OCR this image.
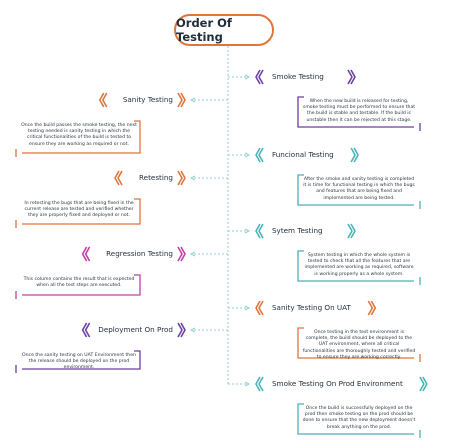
Order Of Testing
Smoke Testing
When the new build is released for testing, smoke testing must be performed to ensure that the build is stable and testable. If the build is unstable then it can be rejected at this stage.
Sanity Testing
Once the build passes the smoke testing, the next testing needed is sanity testing in which the critical functionalities of the build is tested to ensure they are working as required or not.
Funcional Testing
After the smoke and sanity testing is completed it is time for functional testing in which the bugs and features that are being fixed and implemented are being tested.
Retesting
In retesting the bugs that are being fixed in the current release are tested and verified whether they are properly fixed and deployed or not.
Sytem Testing
System testing in which the whole system is tested to check that all the features that are implemented are working as required, software is working properly as a whole system.
Regression Testing
This column contains the result that is expected when all the test steps are executed.
Sanity Testing On UAT
Once testing in the test environment is complete, the build should be deployed to the UAT environment, where all critical functionalities are thoroughly tested and verified to ensure they are working correctly.
Deployment On Prod
Once the sanity testing on UAT Environment then the release should be deployed on the prod environment.
Smoke Testing On Prod Environment
Once the build is successfully deployed on the prod then smoke testing on the prod should be done to ensure that the new deployment doesn't break anything on the prod.
